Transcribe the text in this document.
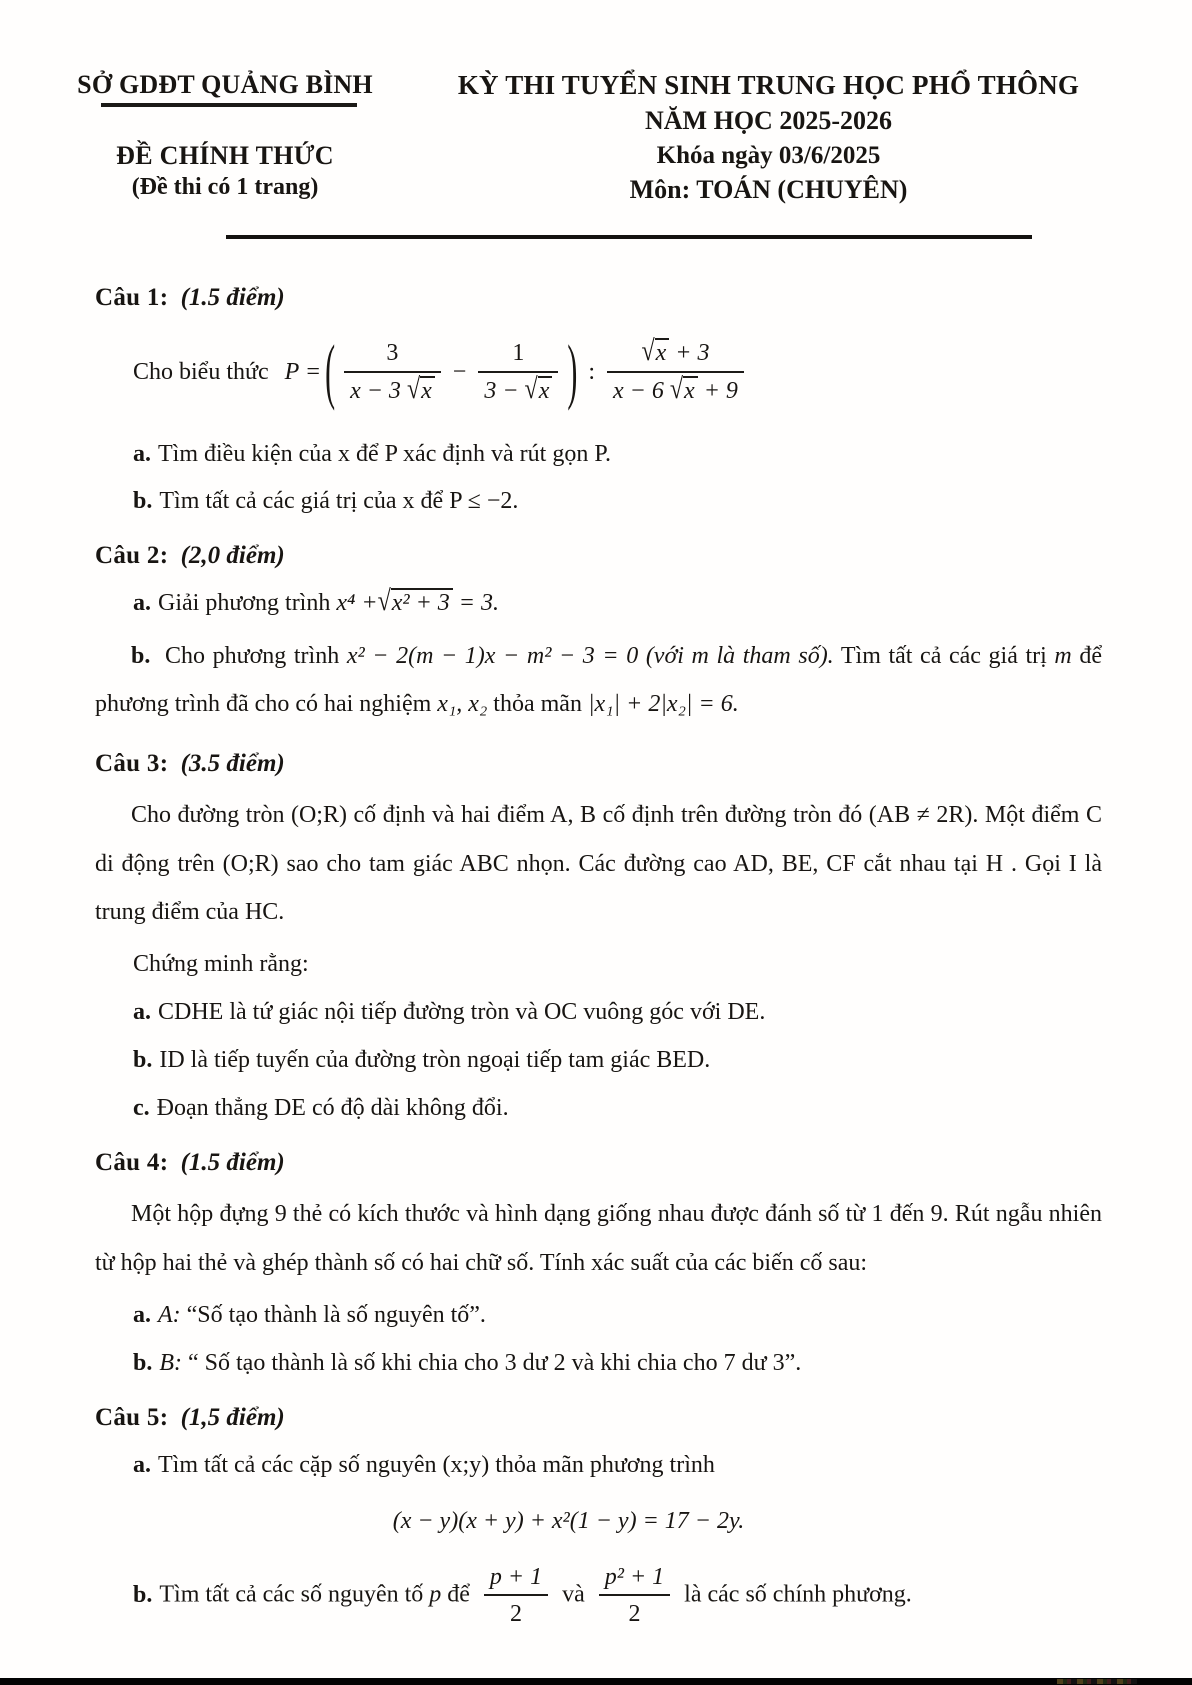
SỞ GDĐT QUẢNG BÌNH
ĐỀ CHÍNH THỨC
(Đề thi có 1 trang)
KỲ THI TUYỂN SINH TRUNG HỌC PHỔ THÔNG
NĂM HỌC 2025-2026
Khóa ngày 03/6/2025
Môn: TOÁN (CHUYÊN)

Câu 1: (1.5 điểm)

Cho biểu thức P = ( $\frac{3}{x - 3 √x} - \frac{1}{3 - √x}$ ) : $\frac{√x + 3}{x - 6 √x + 9}$

a. Tìm điều kiện của x để P xác định và rút gọn P.

b. Tìm tất cả các giá trị của x để P ≤ −2.

Câu 2: (2,0 điểm)

a. Giải phương trình x⁴ +√x² + 3 = 3.

b. Cho phương trình x² − 2(m − 1)x − m² − 3 = 0 (với m là tham số). Tìm tất cả các giá trị m để phương trình đã cho có hai nghiệm x₁, x₂ thỏa mãn |x₁| + 2|x₂| = 6.

Câu 3: (3.5 điểm)

Cho đường tròn (O;R) cố định và hai điểm A, B cố định trên đường tròn đó (AB ≠ 2R). Một điểm C di động trên (O;R) sao cho tam giác ABC nhọn. Các đường cao AD, BE, CF cắt nhau tại H . Gọi I là trung điểm của HC.

Chứng minh rằng:

a. CDHE là tứ giác nội tiếp đường tròn và OC vuông góc với DE.

b. ID là tiếp tuyến của đường tròn ngoại tiếp tam giác BED.

c. Đoạn thẳng DE có độ dài không đổi.

Câu 4: (1.5 điểm)

Một hộp đựng 9 thẻ có kích thước và hình dạng giống nhau được đánh số từ 1 đến 9. Rút ngẫu nhiên từ hộp hai thẻ và ghép thành số có hai chữ số. Tính xác suất của các biến cố sau:

a. A: “Số tạo thành là số nguyên tố”.

b. B: “ Số tạo thành là số khi chia cho 3 dư 2 và khi chia cho 7 dư 3”.

Câu 5: (1,5 điểm)

a. Tìm tất cả các cặp số nguyên (x;y) thỏa mãn phương trình

(x − y)(x + y) + x²(1 − y) = 17 − 2y.

b. Tìm tất cả các số nguyên tố p để $\frac{p + 1}{2}$ và $\frac{\text{p² + 1}}{2}$ là các số chính phương.
